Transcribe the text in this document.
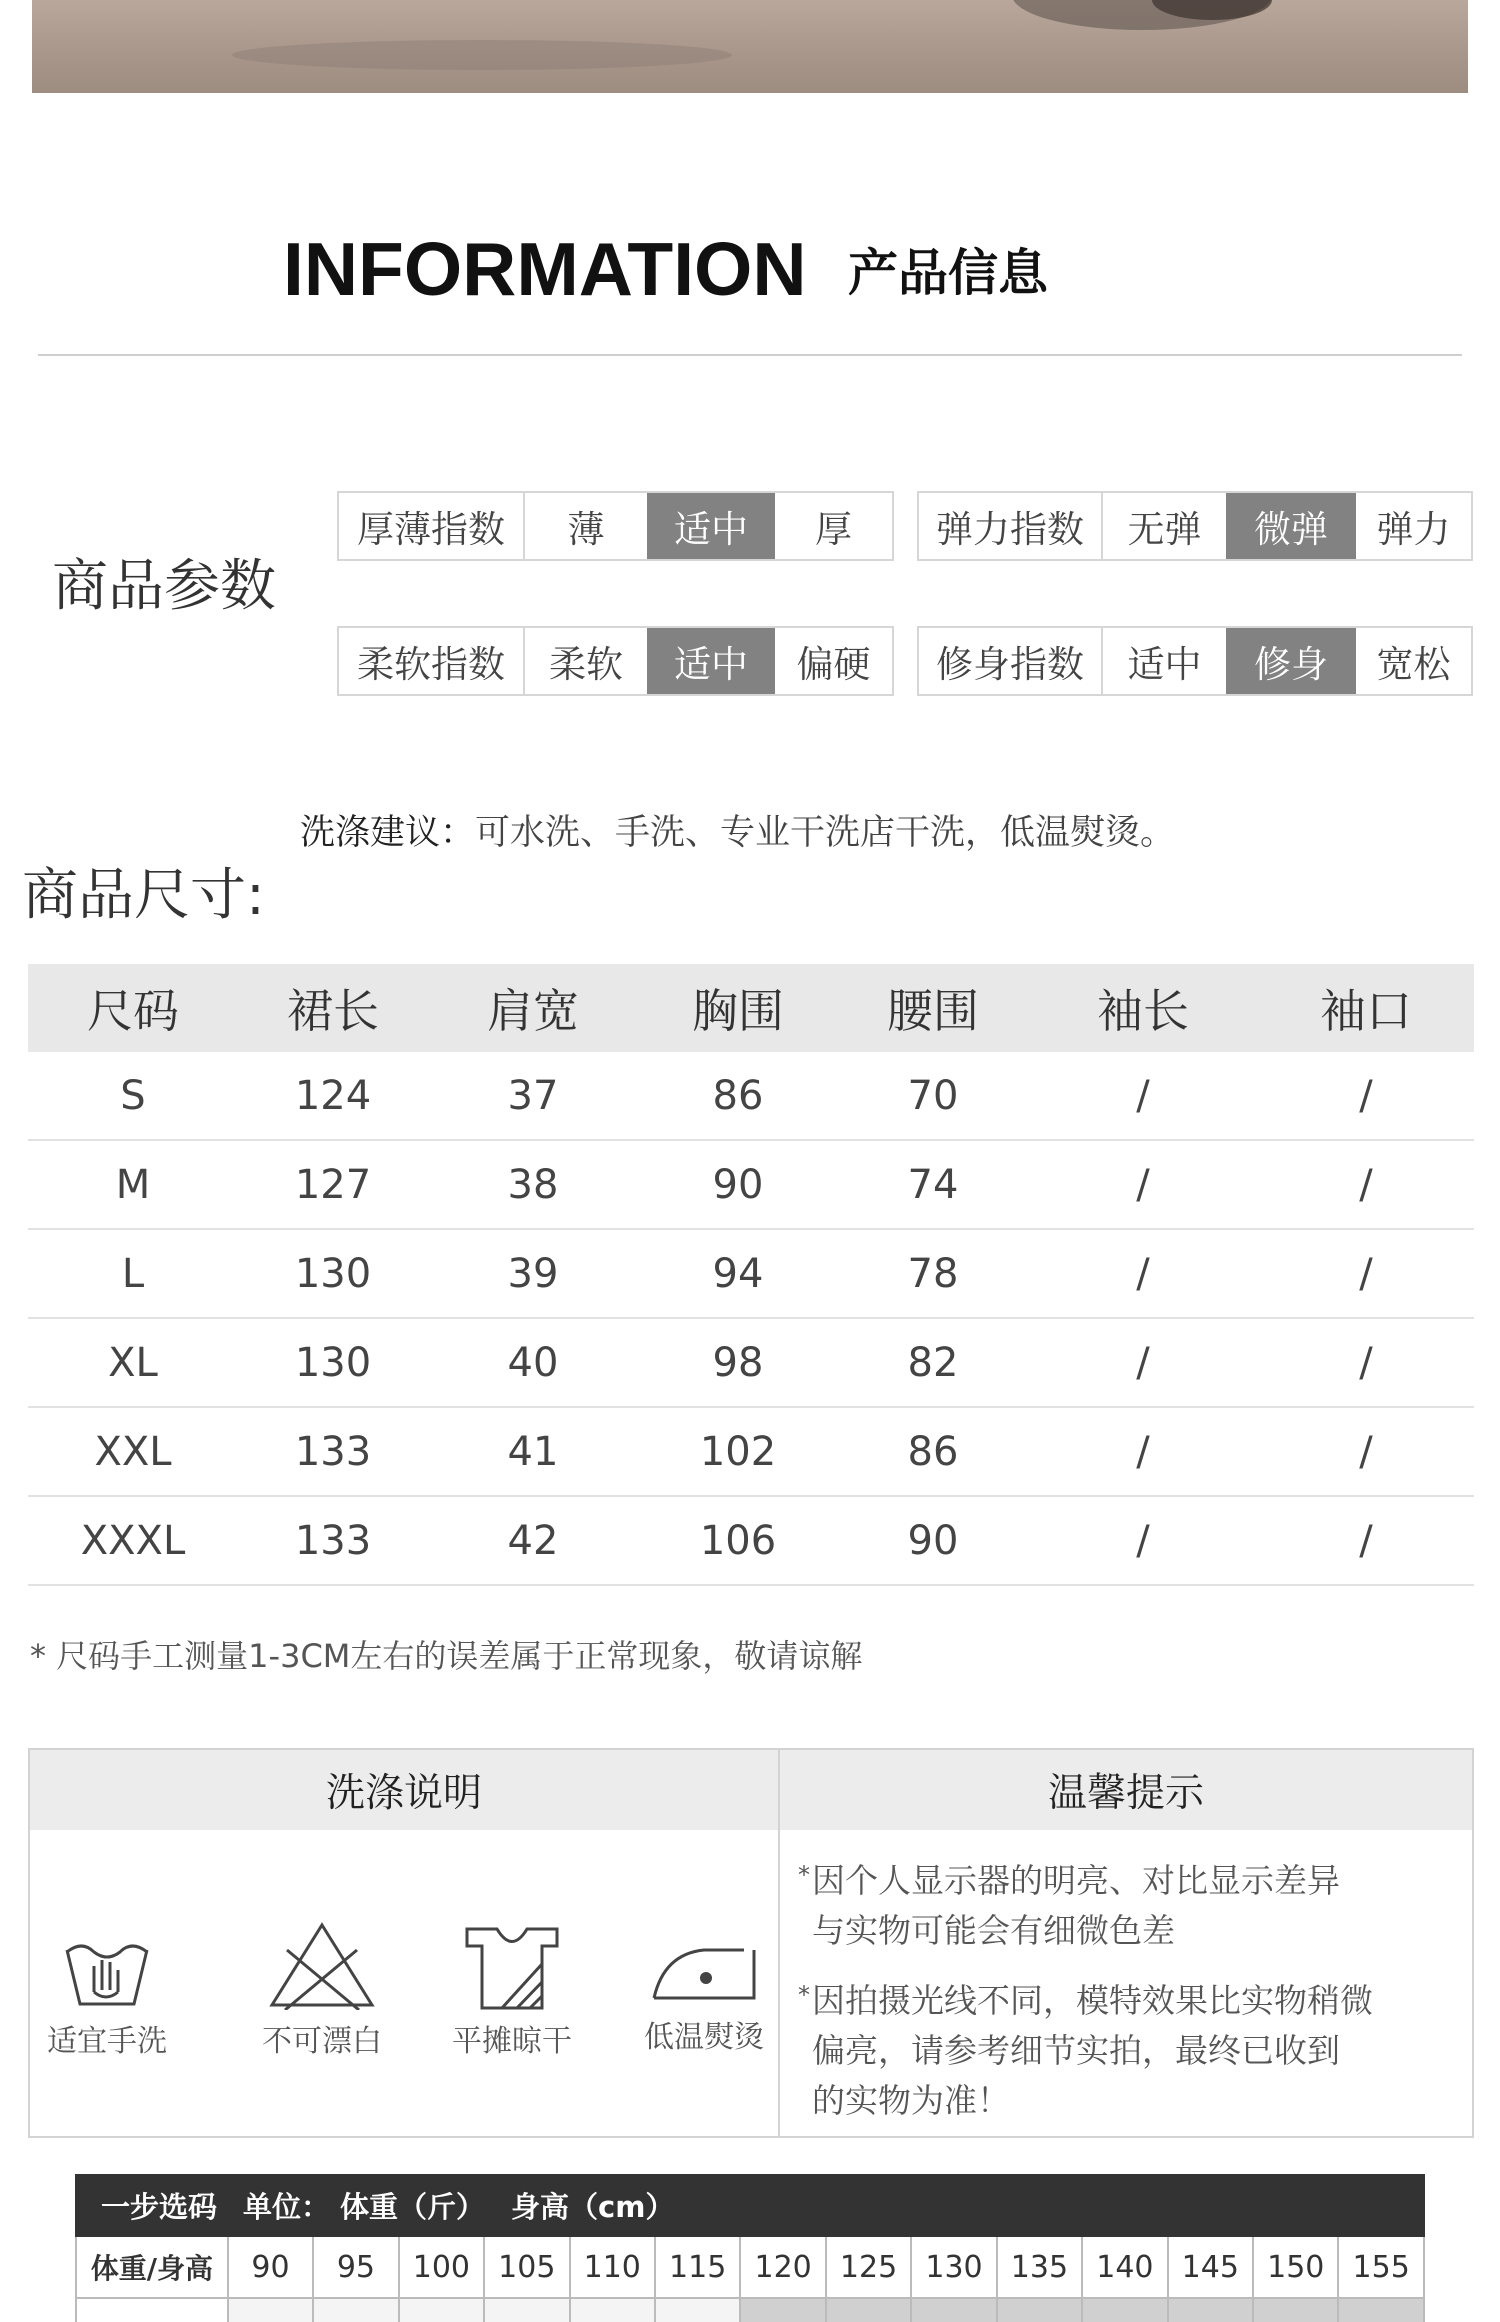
INFORMATION 产品信息
商品参数
厚薄指数	薄	适中	厚	弹力指数	无弹	微弹	弹力
柔软指数	柔软	适中	偏硬	修身指数	适中	修身	宽松
洗涤建议：可水洗、手洗、专业干洗店干洗，低温熨烫。
商品尺寸:
尺码	裙长	肩宽	胸围	腰围	袖长	袖口
S	124	37	86	70	/	/
M	127	38	90	74	/	/
L	130	39	94	78	/	/
XL	130	40	98	82	/	/
XXL	133	41	102	86	/	/
XXXL	133	42	106	90	/	/
* 尺码手工测量1-3CM左右的误差属于正常现象，敬请谅解
洗涤说明
适宜手洗	不可漂白	平摊晾干	低温熨烫
温馨提示
* 因个人显示器的明亮、对比显示差异
与实物可能会有细微色差
* 因拍摄光线不同，模特效果比实物稍微
偏亮，请参考细节实拍，最终已收到
的实物为准！
一步选码 单位： 体重（斤） 身高（cm）
体重/身高	90	95	100 105 110 115 120 125 130 135 140 145 150 155
